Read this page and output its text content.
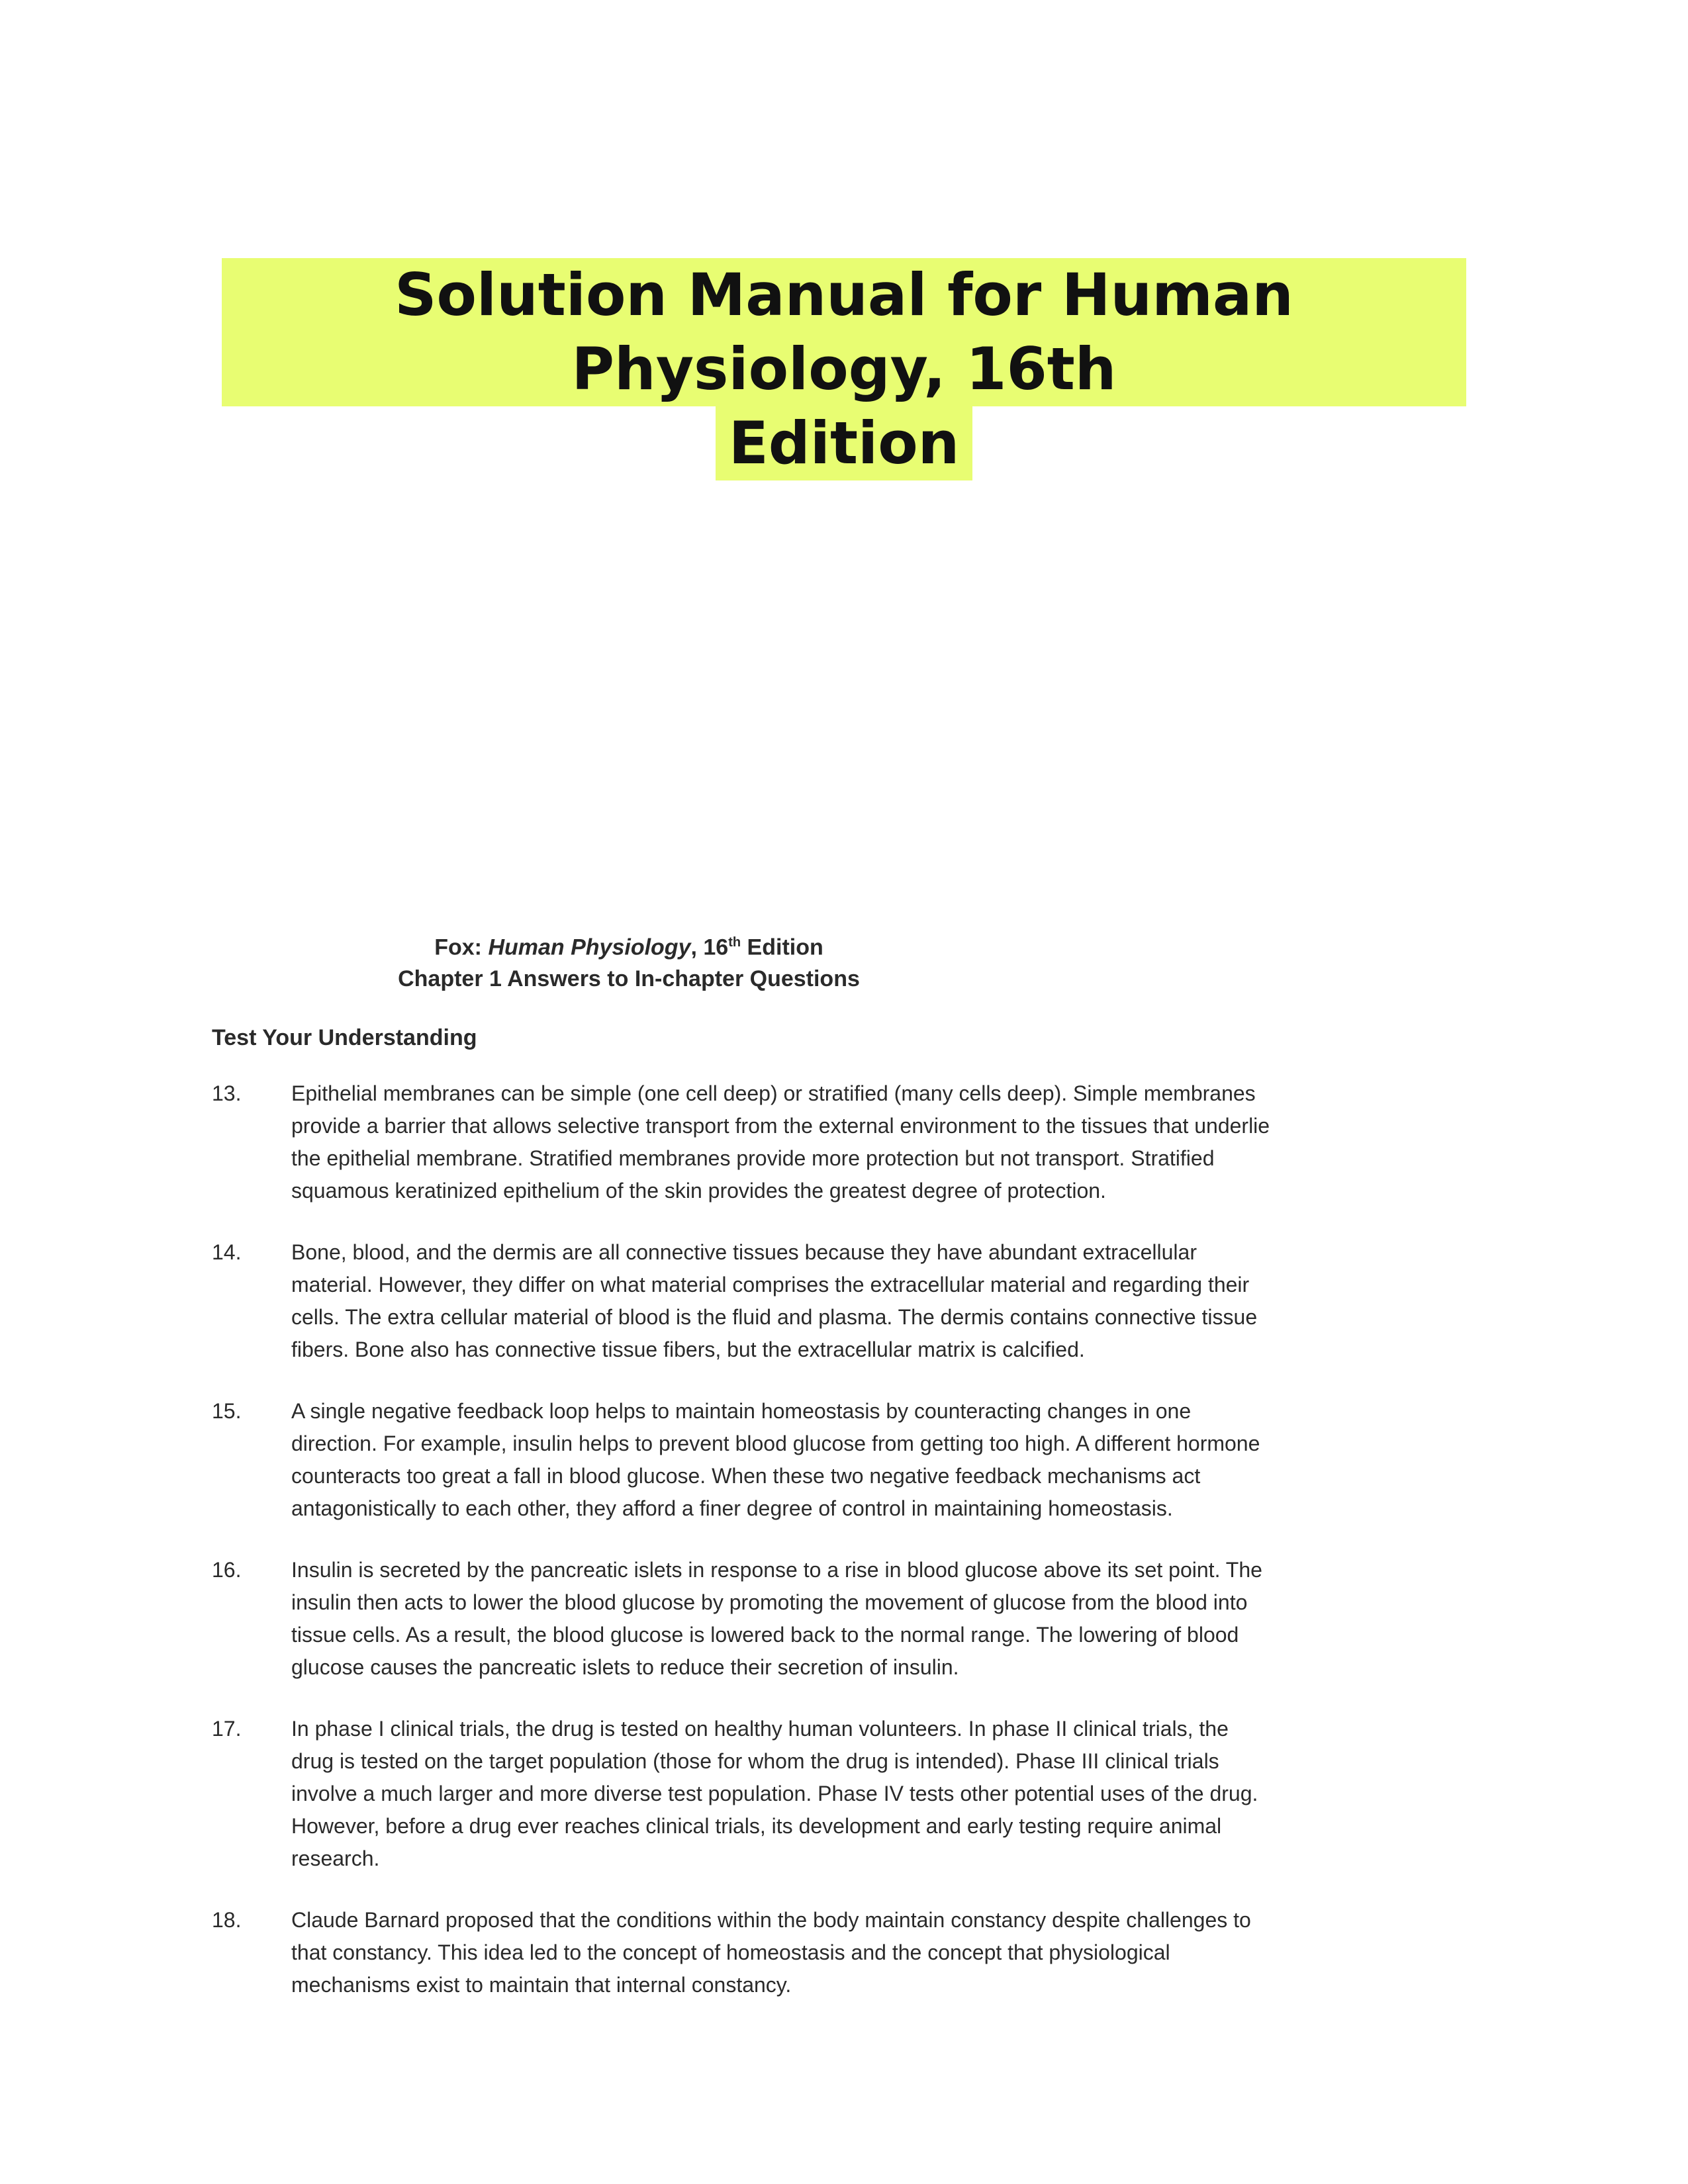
Solution Manual for Human Physiology, 16th
Edition
Fox: Human Physiology, 16th Edition
Chapter 1 Answers to In-chapter Questions
Test Your Understanding
13.	Epithelial membranes can be simple (one cell deep) or stratified (many cells deep). Simple membranes provide a barrier that allows selective transport from the external environment to the tissues that underlie the epithelial membrane. Stratified membranes provide more protection but not transport. Stratified squamous keratinized epithelium of the skin provides the greatest degree of protection.
14.	Bone, blood, and the dermis are all connective tissues because they have abundant extracellular material. However, they differ on what material comprises the extracellular material and regarding their cells. The extra cellular material of blood is the fluid and plasma. The dermis contains connective tissue fibers. Bone also has connective tissue fibers, but the extracellular matrix is calcified.
15.	A single negative feedback loop helps to maintain homeostasis by counteracting changes in one direction. For example, insulin helps to prevent blood glucose from getting too high. A different hormone counteracts too great a fall in blood glucose. When these two negative feedback mechanisms act antagonistically to each other, they afford a finer degree of control in maintaining homeostasis.
16.	Insulin is secreted by the pancreatic islets in response to a rise in blood glucose above its set point. The insulin then acts to lower the blood glucose by promoting the movement of glucose from the blood into tissue cells. As a result, the blood glucose is lowered back to the normal range. The lowering of blood glucose causes the pancreatic islets to reduce their secretion of insulin.
17.	In phase I clinical trials, the drug is tested on healthy human volunteers. In phase II clinical trials, the drug is tested on the target population (those for whom the drug is intended). Phase III clinical trials involve a much larger and more diverse test population. Phase IV tests other potential uses of the drug. However, before a drug ever reaches clinical trials, its development and early testing require animal research.
18.	Claude Barnard proposed that the conditions within the body maintain constancy despite challenges to that constancy. This idea led to the concept of homeostasis and the concept that physiological mechanisms exist to maintain that internal constancy.
